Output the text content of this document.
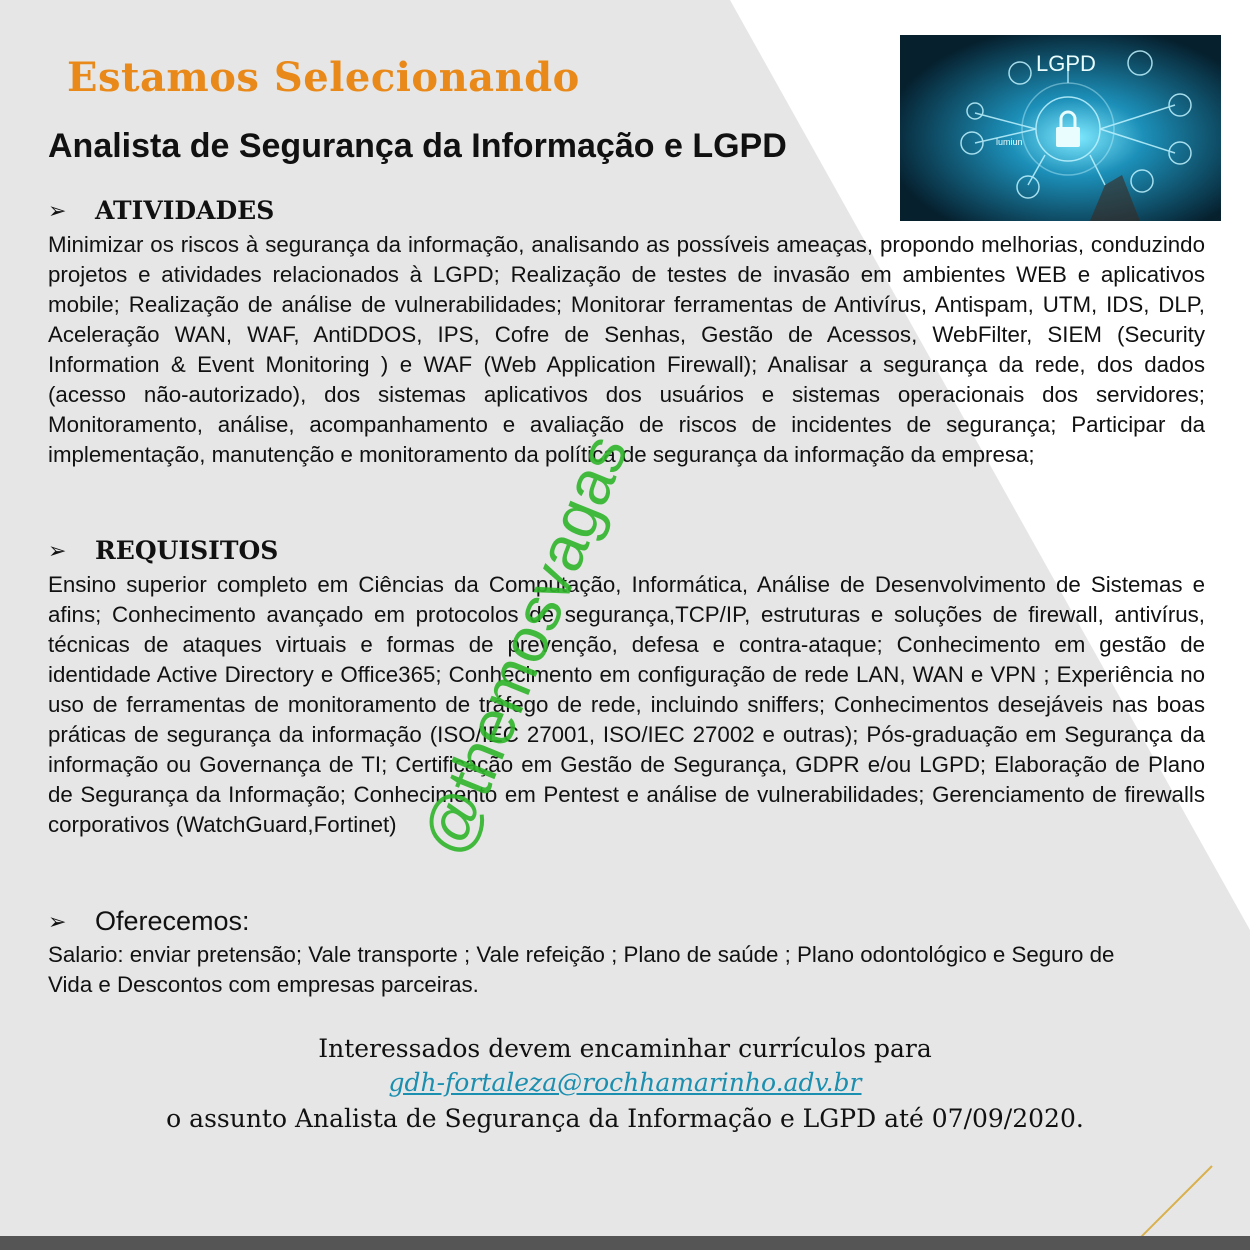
Estamos Selecionando
Analista de Segurança da Informação e LGPD
LGPD
lumiun
➢	ATIVIDADES
Minimizar os riscos à segurança da informação, analisando as possíveis ameaças, propondo melhorias, conduzindo projetos e atividades relacionados à LGPD; Realização de testes de invasão em ambientes WEB e aplicativos mobile; Realização de análise de vulnerabilidades; Monitorar ferramentas de Antivírus, Antispam, UTM, IDS, DLP, Aceleração WAN, WAF, AntiDDOS, IPS, Cofre de Senhas, Gestão de Acessos, WebFilter, SIEM (Security Information & Event Monitoring ) e WAF (Web Application Firewall); Analisar a segurança da rede, dos dados (acesso não-autorizado), dos sistemas aplicativos dos usuários e sistemas operacionais dos servidores; Monitoramento, análise, acompanhamento e avaliação de riscos de incidentes de segurança; Participar da implementação, manutenção e monitoramento da política de segurança da informação da empresa;
➢	REQUISITOS
Ensino superior completo em Ciências da Computação, Informática, Análise de Desenvolvimento de Sistemas e afins; Conhecimento avançado em protocolos de segurança,TCP/IP, estruturas e soluções de firewall, antivírus, técnicas de ataques virtuais e formas de prevenção, defesa e contra-ataque; Conhecimento em gestão de identidade Active Directory e Office365; Conhecimento em configuração de rede LAN, WAN e VPN ; Experiência no uso de ferramentas de monitoramento de tráfego de rede, incluindo sniffers; Conhecimentos desejáveis nas boas práticas de segurança da informação (ISO/IEC 27001, ISO/IEC 27002 e outras); Pós-graduação em Segurança da informação ou Governança de TI; Certificação em Gestão de Segurança, GDPR e/ou LGPD; Elaboração de Plano de Segurança da Informação; Conhecimento em Pentest e análise de vulnerabilidades; Gerenciamento de firewalls corporativos (WatchGuard,Fortinet)
➢	Oferecemos:
Salario: enviar pretensão; Vale transporte ; Vale refeição ; Plano de saúde ; Plano odontológico e Seguro de Vida e Descontos com empresas parceiras.
Interessados devem encaminhar currículos para
gdh-fortaleza@rochhamarinho.adv.br
o assunto Analista de Segurança da Informação e LGPD até 07/09/2020.
@themosvagas
